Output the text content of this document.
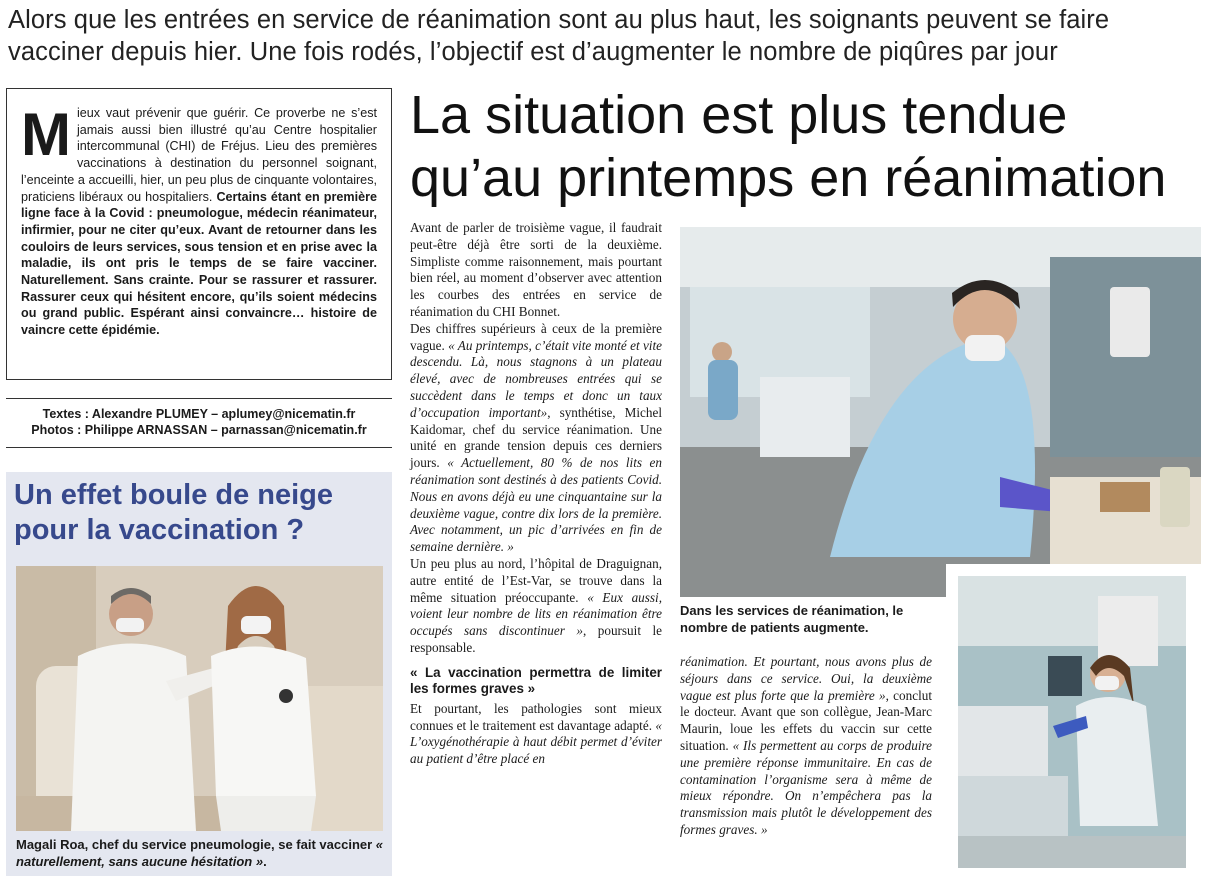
Alors que les entrées en service de réanimation sont au plus haut, les soignants peuvent se faire vacciner depuis hier. Une fois rodés, l’objectif est d’augmenter le nombre de piqûres par jour
Mieux vaut prévenir que guérir. Ce proverbe ne s’est jamais aussi bien illustré qu’au Centre hospitalier intercommunal (CHI) de Fréjus. Lieu des premières vaccinations à destination du personnel soignant, l’enceinte a accueilli, hier, un peu plus de cinquante volontaires, praticiens libéraux ou hospitaliers. Certains étant en première ligne face à la Covid : pneumologue, médecin réanimateur, infirmier, pour ne citer qu’eux. Avant de retourner dans les couloirs de leurs services, sous tension et en prise avec la maladie, ils ont pris le temps de se faire vacciner. Naturellement. Sans crainte. Pour se rassurer et rassurer. Rassurer ceux qui hésitent encore, qu’ils soient médecins ou grand public. Espérant ainsi convaincre… histoire de vaincre cette épidémie.
Textes : Alexandre PLUMEY – aplumey@nicematin.fr
Photos : Philippe ARNASSAN – parnassan@nicematin.fr
Un effet boule de neige pour la vaccination ?
Magali Roa, chef du service pneumologie, se fait vacciner « naturellement, sans aucune hésitation ».
La situation est plus tendue
qu’au printemps en réanimation

Avant de parler de troisième vague, il faudrait peut-être déjà être sorti de la deuxième. Simpliste comme raisonnement, mais pourtant bien réel, au moment d’observer avec attention les courbes des entrées en service de réanimation du CHI Bonnet.

Des chiffres supérieurs à ceux de la première vague. « Au printemps, c’était vite monté et vite descendu. Là, nous stagnons à un plateau élevé, avec de nombreuses entrées qui se succèdent dans le temps et donc un taux d’occupation important», synthétise, Michel Kaidomar, chef du service réanimation. Une unité en grande tension depuis ces derniers jours. « Actuellement, 80 % de nos lits en réanimation sont destinés à des patients Covid. Nous en avons déjà eu une cinquantaine sur la deuxième vague, contre dix lors de la première. Avec notamment, un pic d’arrivées en fin de semaine dernière. »

Un peu plus au nord, l’hôpital de Draguignan, autre entité de l’Est-Var, se trouve dans la même situation préoccupante. « Eux aussi, voient leur nombre de lits en réanimation être occupés sans discontinuer », poursuit le responsable.

« La vaccination permettra de limiter les formes graves »

Et pourtant, les pathologies sont mieux connues et le traitement est davantage adapté. « L’oxygénothérapie à haut débit permet d’éviter au patient d’être placé en

Dans les services de réanimation, le nombre de patients augmente.

réanimation. Et pourtant, nous avons plus de séjours dans ce service. Oui, la deuxième vague est plus forte que la première », conclut le docteur. Avant que son collègue, Jean-Marc Maurin, loue les effets du vaccin sur cette situation. « Ils permettent au corps de produire une première réponse immunitaire. En cas de contamination l’organisme sera à même de mieux répondre. On n’empêchera pas la transmission mais plutôt le développement des formes graves. »
